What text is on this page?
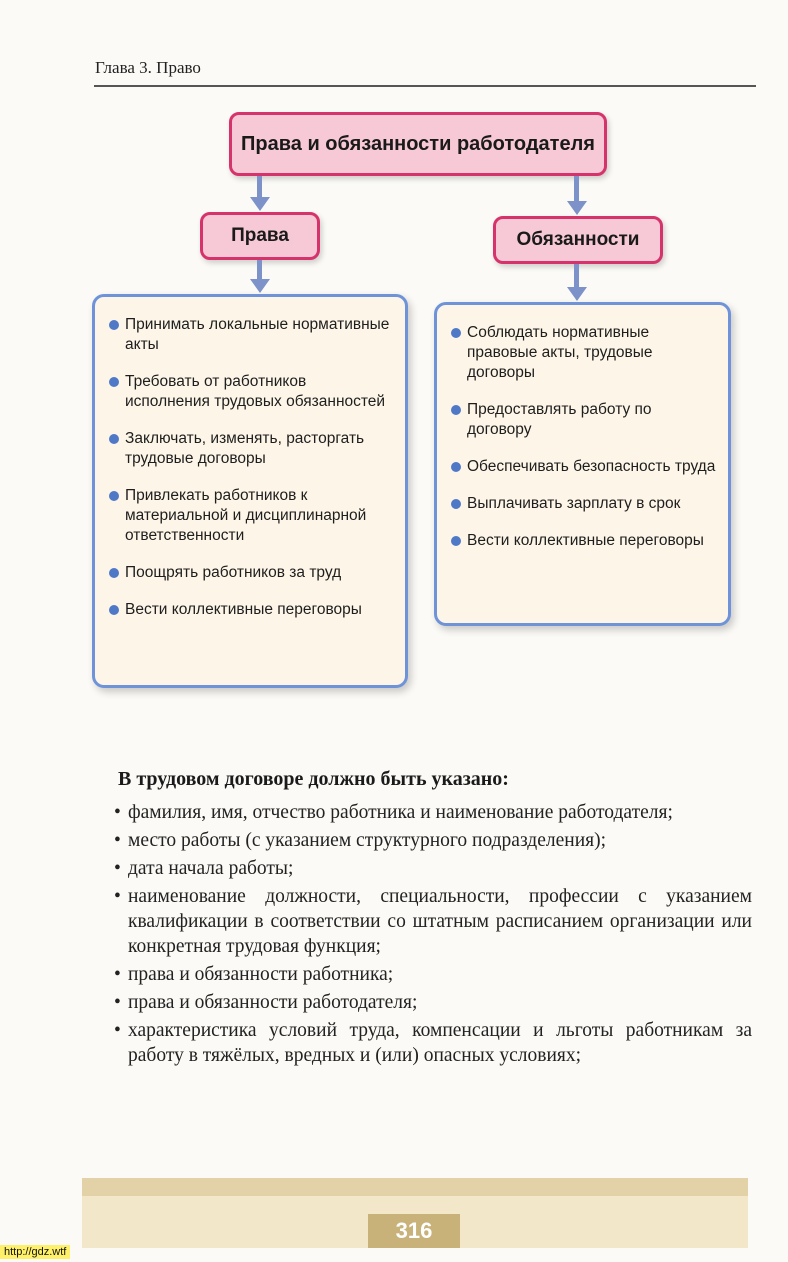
Глава 3. Право
Права и обязанности работодателя
Права	Обязанности
Принимать локальные нормативные акты
Требовать от работников исполнения трудовых обязанностей
Заключать, изменять, расторгать трудовые договоры
Привлекать работников к материальной и дисциплинарной ответственности
Поощрять работников за труд
Вести коллективные переговоры
Соблюдать нормативные правовые акты, трудовые договоры
Предоставлять работу по договору
Обеспечивать безопасность труда
Выплачивать зарплату в срок
Вести коллективные переговоры
В трудовом договоре должно быть указано:
• фамилия, имя, отчество работника и наименование работодателя;
• место работы (с указанием структурного подразделения);
• дата начала работы;
• наименование должности, специальности, профессии с указанием квалификации в соответствии со штатным расписанием организации или конкретная трудовая функция;
• права и обязанности работника;
• права и обязанности работодателя;
• характеристика условий труда, компенсации и льготы работникам за работу в тяжёлых, вредных и (или) опасных условиях;
316
http://gdz.wtf
